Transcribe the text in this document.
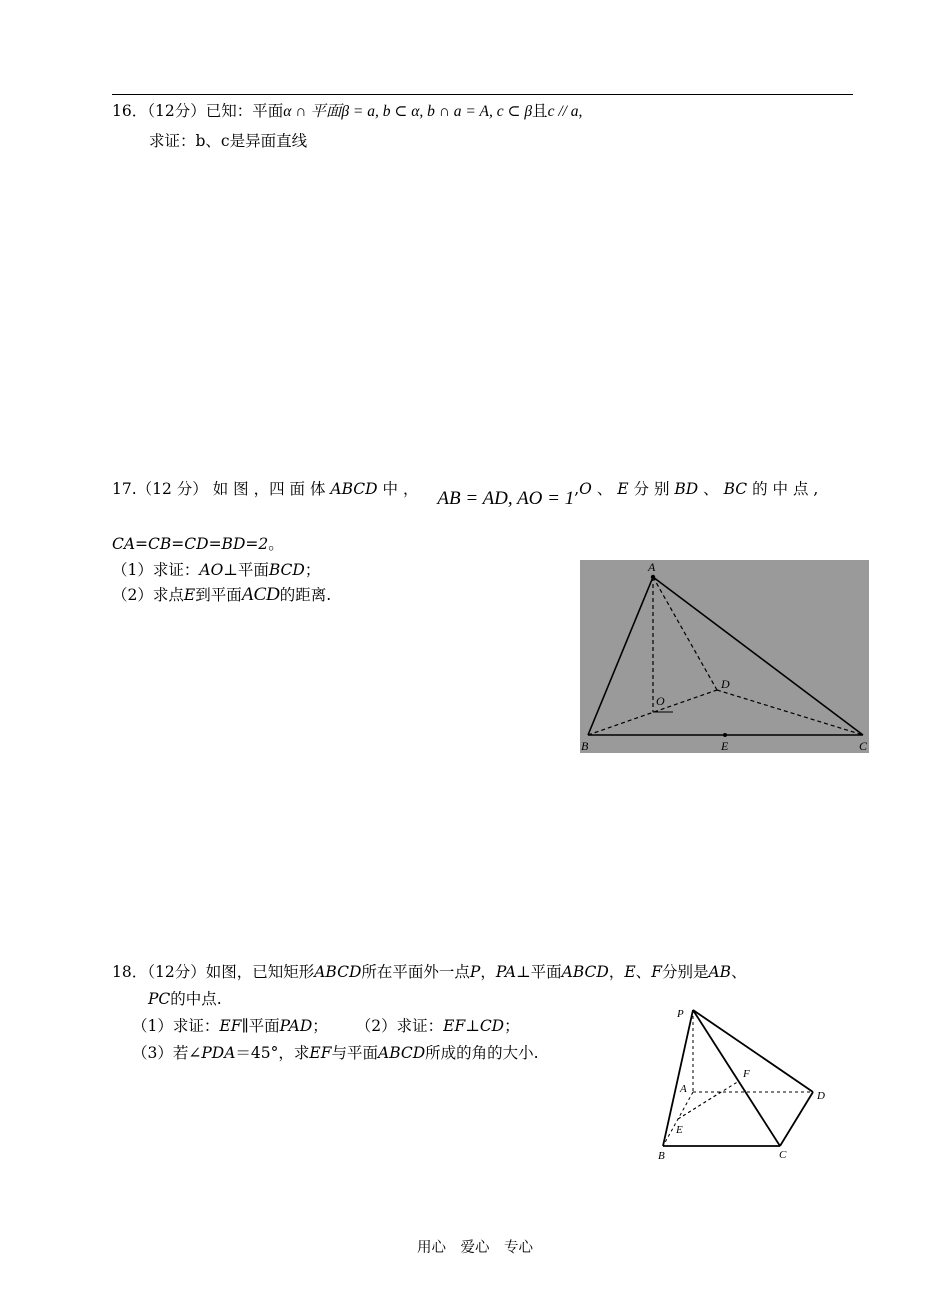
16．（12分）已知：平面α ∩ 平面β = a, b ⊂ α, b ∩ a = A, c ⊂ β且c // a,
求证：b、c是异面直线
17.（12 分） 如 图 ，四 面 体 ABCD 中 ， AB = AD, AO = 1,O 、 E 分 别 BD 、 BC 的 中 点 ,
CA=CB=CD=BD=2。
（1）求证：AO⊥平面BCD；
（2）求点E到平面ACD的距离.
A
B	C
D
E
O
18．（12分）如图，已知矩形ABCD所在平面外一点P，PA⊥平面ABCD，E、F分别是AB、
PC的中点.
（1）求证：EF∥平面PAD； （2）求证：EF⊥CD；
（3）若∠PDA＝45°，求EF与平面ABCD所成的角的大小.
P
A
B	C
D
E
F
用心　爱心　专心
